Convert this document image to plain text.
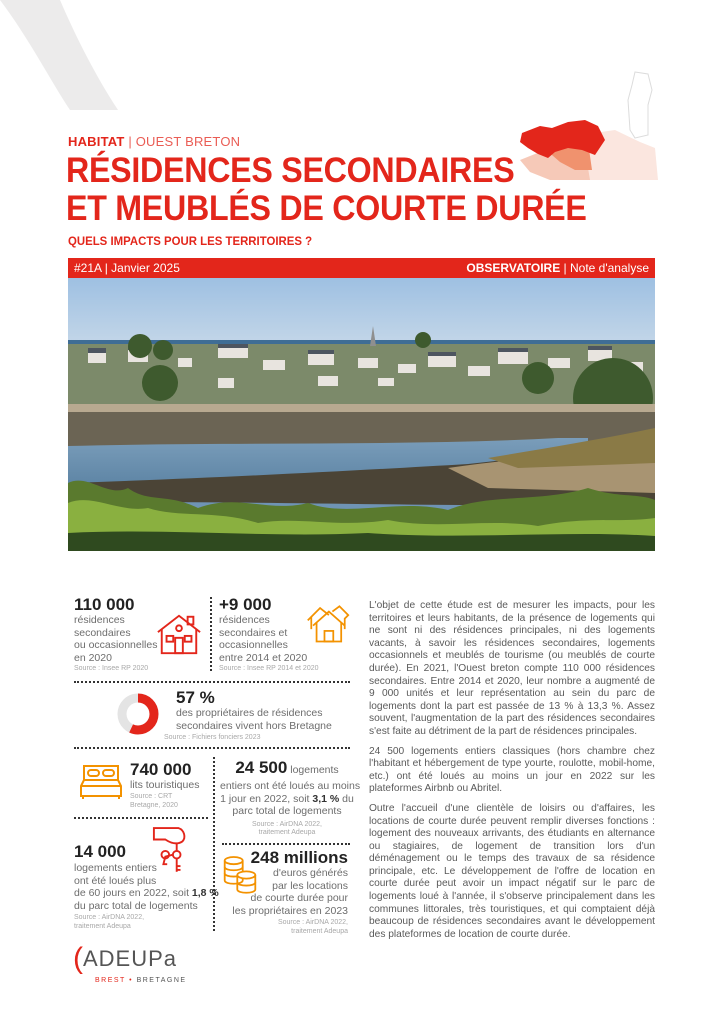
HABITAT | OUEST BRETON
RÉSIDENCES SECONDAIRES
ET MEUBLÉS DE COURTE DURÉE
QUELS IMPACTS POUR LES TERRITOIRES ?
#21A | Janvier 2025	OBSERVATOIRE | Note d'analyse
110 000
résidences
secondaires
ou occasionnelles
en 2020
Source : Insee RP 2020
+9 000
résidences
secondaires et
occasionnelles
entre 2014 et 2020
Source : Insee RP 2014 et 2020
57 %
des propriétaires de résidences
secondaires vivent hors Bretagne
Source : Fichiers fonciers 2023
740 000
lits touristiques
Source : CRT
Bretagne, 2020
24 500 logements
entiers ont été loués au moins
1 jour en 2022, soit 3,1 % du
parc total de logements
Source : AirDNA 2022,
traitement Adeupa
14 000
logements entiers
ont été loués plus
de 60 jours en 2022, soit 1,8 %
du parc total de logements
Source : AirDNA 2022,
traitement Adeupa
248 millions
d'euros générés
par les locations
de courte durée pour
les propriétaires en 2023
Source : AirDNA 2022,
traitement Adeupa

L'objet de cette étude est de mesurer les impacts, pour les territoires et leurs habitants, de la présence de logements qui ne sont ni des résidences principales, ni des logements vacants, à savoir les résidences secondaires, logements occasionnels et meublés de tourisme (ou meublés de courte durée). En 2021, l'Ouest breton compte 110 000 résidences secondaires. Entre 2014 et 2020, leur nombre a augmenté de 9 000 unités et leur représentation au sein du parc de logements dont la part est passée de 13 % à 13,3 %. Assez souvent, l'augmentation de la part des résidences secondaires s'est faite au détriment de la part de résidences principales.

24 500 logements entiers classiques (hors chambre chez l'habitant et hébergement de type yourte, roulotte, mobil-home, etc.) ont été loués au moins un jour en 2022 sur les plateformes Airbnb ou Abritel.

Outre l'accueil d'une clientèle de loisirs ou d'affaires, les locations de courte durée peuvent remplir diverses fonctions : logement des nouveaux arrivants, des étudiants en alternance ou stagiaires, de logement de transition lors d'un déménagement ou le temps des travaux de sa résidence principale, etc. Le développement de l'offre de location en courte durée peut avoir un impact négatif sur le parc de logements loué à l'année, il s'observe principalement dans les communes littorales, très touristiques, et qui comptaient déjà beaucoup de résidences secondaires avant le développement des plateformes de location de courte durée.

( ADEUPa
BREST • BRETAGNE
